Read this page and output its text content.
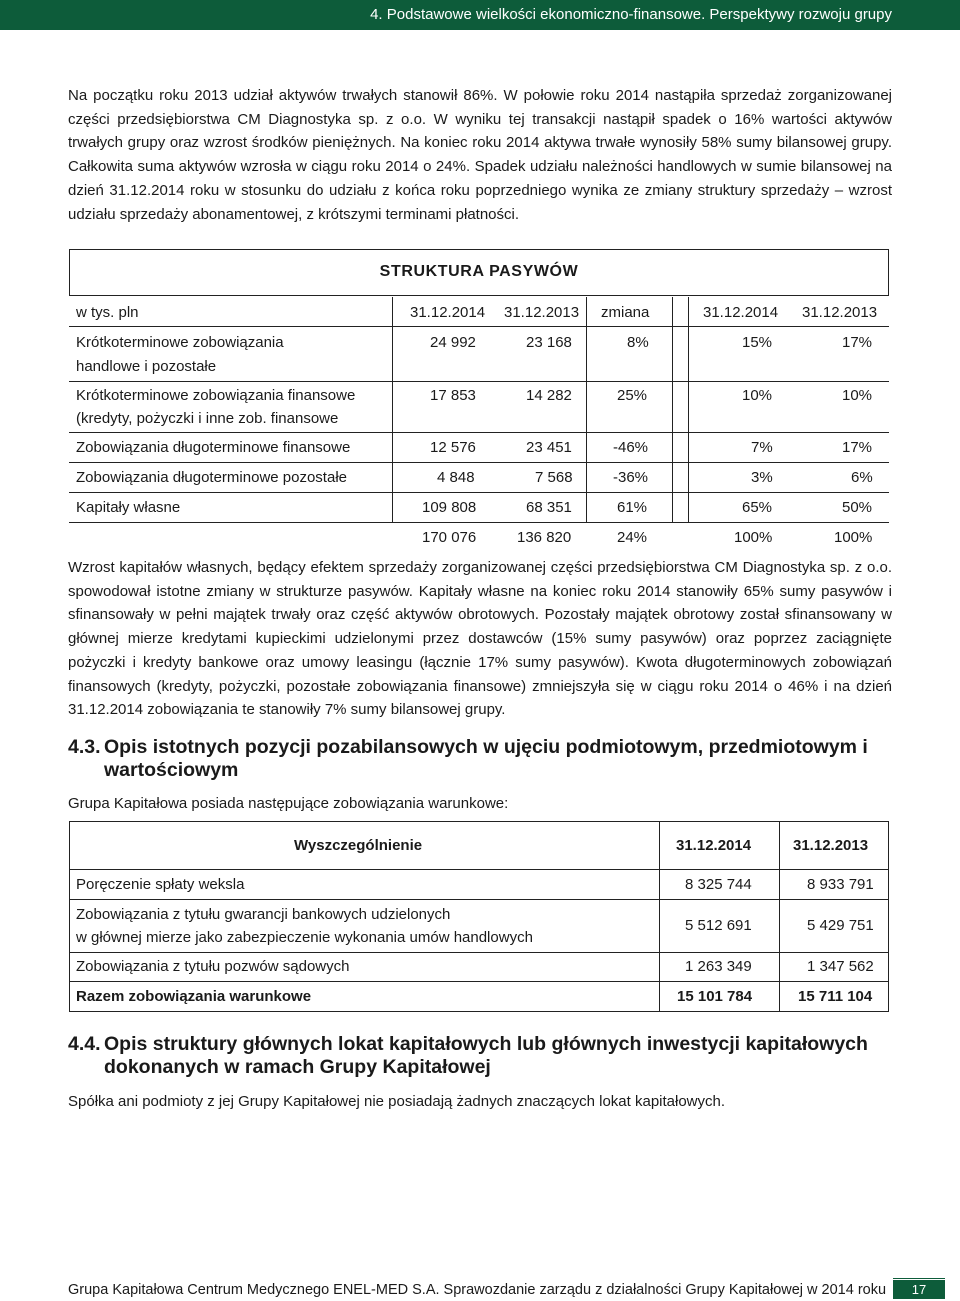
4. Podstawowe wielkości ekonomiczno-finansowe. Perspektywy rozwoju grupy

Na początku roku 2013 udział aktywów trwałych stanowił 86%. W połowie roku 2014 nastąpiła sprzedaż zorganizowanej części przedsiębiorstwa CM Diagnostyka sp. z o.o. W wyniku tej transakcji nastąpił spadek o 16% wartości aktywów trwałych grupy oraz wzrost środków pieniężnych. Na koniec roku 2014 aktywa trwałe wynosiły 58% sumy bilansowej grupy. Całkowita suma aktywów wzrosła w ciągu roku 2014 o 24%. Spadek udziału należności handlowych w sumie bilansowej na dzień 31.12.2014 roku w stosunku do udziału z końca roku poprzedniego wynika ze zmiany struktury sprzedaży – wzrost udziału sprzedaży abonamentowej, z krótszymi terminami płatności.

STRUKTURA PASYWÓW
w tys. pln	31.12.2014 31.12.2013 zmiana	31.12.2014 31.12.2013
Krótkoterminowe zobowiązania
handlowe i pozostałe
24 992	23 168	8%	15%	17%
Krótkoterminowe zobowiązania finansowe
(kredyty, pożyczki i inne zob. finansowe
17 853	14 282	25%	10%	10%
Zobowiązania długoterminowe finansowe	12 576	23 451	-46%	7%	17%
Zobowiązania długoterminowe pozostałe	4 848	7 568	-36%	3%	6%
Kapitały własne	109 808	68 351	61%	65%	50%
170 076	136 820	24%	100%	100%

Wzrost kapitałów własnych, będący efektem sprzedaży zorganizowanej części przedsiębiorstwa CM Diagnostyka sp. z o.o. spowodował istotne zmiany w strukturze pasywów. Kapitały własne na koniec roku 2014 stanowiły 65% sumy pasywów i sfinansowały w pełni majątek trwały oraz część aktywów obrotowych. Pozostały majątek obrotowy został sfinansowany w głównej mierze kredytami kupieckimi udzielonymi przez dostawców (15% sumy pasywów) oraz poprzez zaciągnięte pożyczki i kredyty bankowe oraz umowy leasingu (łącznie 17% sumy pasywów). Kwota długoterminowych zobowiązań finansowych (kredyty, pożyczki, pozostałe zobowiązania finansowe) zmniejszyła się w ciągu roku 2014 o 46% i na dzień 31.12.2014 zobowiązania te stanowiły 7% sumy bilansowej grupy.

4.3. Opis istotnych pozycji pozabilansowych w ujęciu podmiotowym, przedmiotowym i wartościowym

Grupa Kapitałowa posiada następujące zobowiązania warunkowe:

Wyszczególnienie	31.12.2014	31.12.2013
Poręczenie spłaty weksla	8 325 744	8 933 791
Zobowiązania z tytułu gwarancji bankowych udzielonych
w głównej mierze jako zabezpieczenie wykonania umów handlowych
5 512 691	5 429 751
Zobowiązania z tytułu pozwów sądowych	1 263 349	1 347 562
Razem zobowiązania warunkowe	15 101 784	15 711 104
4.4. Opis struktury głównych lokat kapitałowych lub głównych inwestycji kapitałowych dokonanych w ramach Grupy Kapitałowej

Spółka ani podmioty z jej Grupy Kapitałowej nie posiadają żadnych znaczących lokat kapitałowych.

Grupa Kapitałowa Centrum Medycznego ENEL-MED S.A. Sprawozdanie zarządu z działalności Grupy Kapitałowej w 2014 roku	17
